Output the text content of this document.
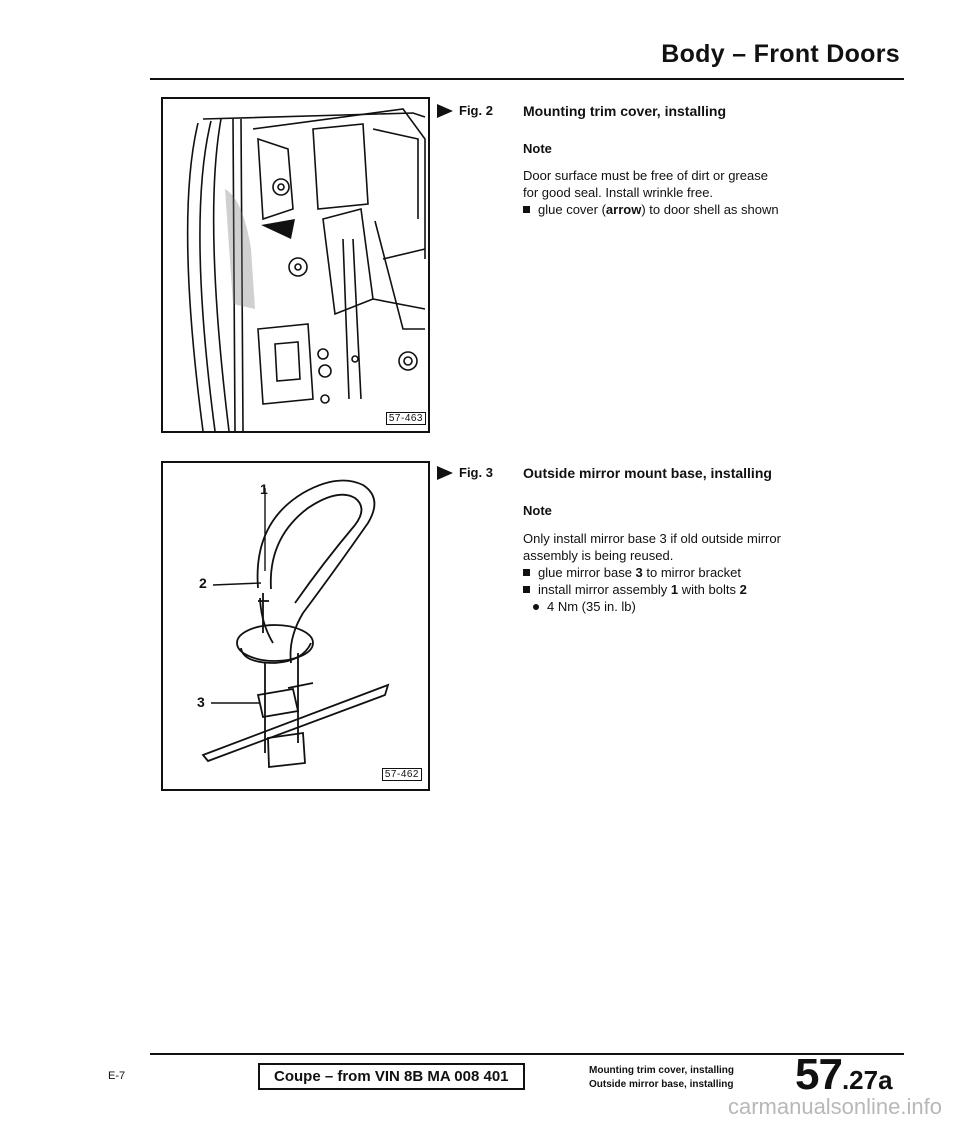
Body – Front Doors
57-463
Fig. 2 Mounting trim cover, installing
Note
Door surface must be free of dirt or grease
for good seal. Install wrinkle free.
glue cover (arrow) to door shell as shown
1
2
3
57-462
Fig. 3 Outside mirror mount base, installing
Note
Only install mirror base 3 if old outside mirror
assembly is being reused.
glue mirror base 3 to mirror bracket
install mirror assembly 1 with bolts 2
4 Nm (35 in. lb)
E-7	Coupe – from VIN 8B MA 008 401	Mounting trim cover, installing
Outside mirror base, installing 57.27a
carmanualsonline.info
